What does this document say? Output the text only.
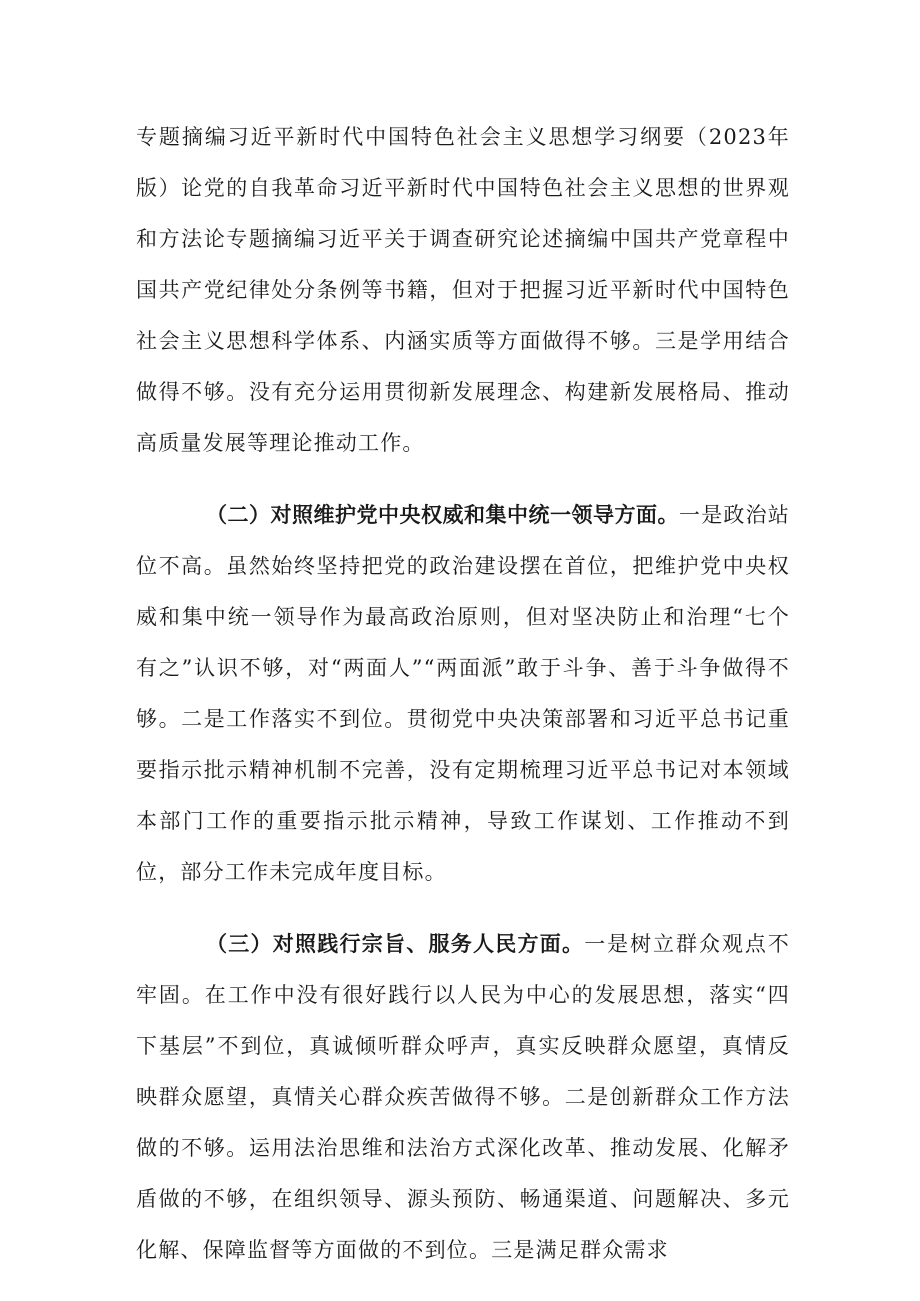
专题摘编习近平新时代中国特色社会主义思想学习纲要（2023年版）论党的自我革命习近平新时代中国特色社会主义思想的世界观和方法论专题摘编习近平关于调查研究论述摘编中国共产党章程中国共产党纪律处分条例等书籍，但对于把握习近平新时代中国特色社会主义思想科学体系、内涵实质等方面做得不够。三是学用结合做得不够。没有充分运用贯彻新发展理念、构建新发展格局、推动高质量发展等理论推动工作。

（二）对照维护党中央权威和集中统一领导方面。一是政治站位不高。虽然始终坚持把党的政治建设摆在首位，把维护党中央权威和集中统一领导作为最高政治原则，但对坚决防止和治理“七个有之”认识不够，对“两面人”“两面派”敢于斗争、善于斗争做得不够。二是工作落实不到位。贯彻党中央决策部署和习近平总书记重要指示批示精神机制不完善，没有定期梳理习近平总书记对本领域本部门工作的重要指示批示精神，导致工作谋划、工作推动不到位，部分工作未完成年度目标。

（三）对照践行宗旨、服务人民方面。一是树立群众观点不牢固。在工作中没有很好践行以人民为中心的发展思想，落实“四下基层”不到位，真诚倾听群众呼声，真实反映群众愿望，真情反映群众愿望，真情关心群众疾苦做得不够。二是创新群众工作方法做的不够。运用法治思维和法治方式深化改革、推动发展、化解矛盾做的不够，在组织领导、源头预防、畅通渠道、问题解决、多元化解、保障监督等方面做的不到位。三是满足群众需求
